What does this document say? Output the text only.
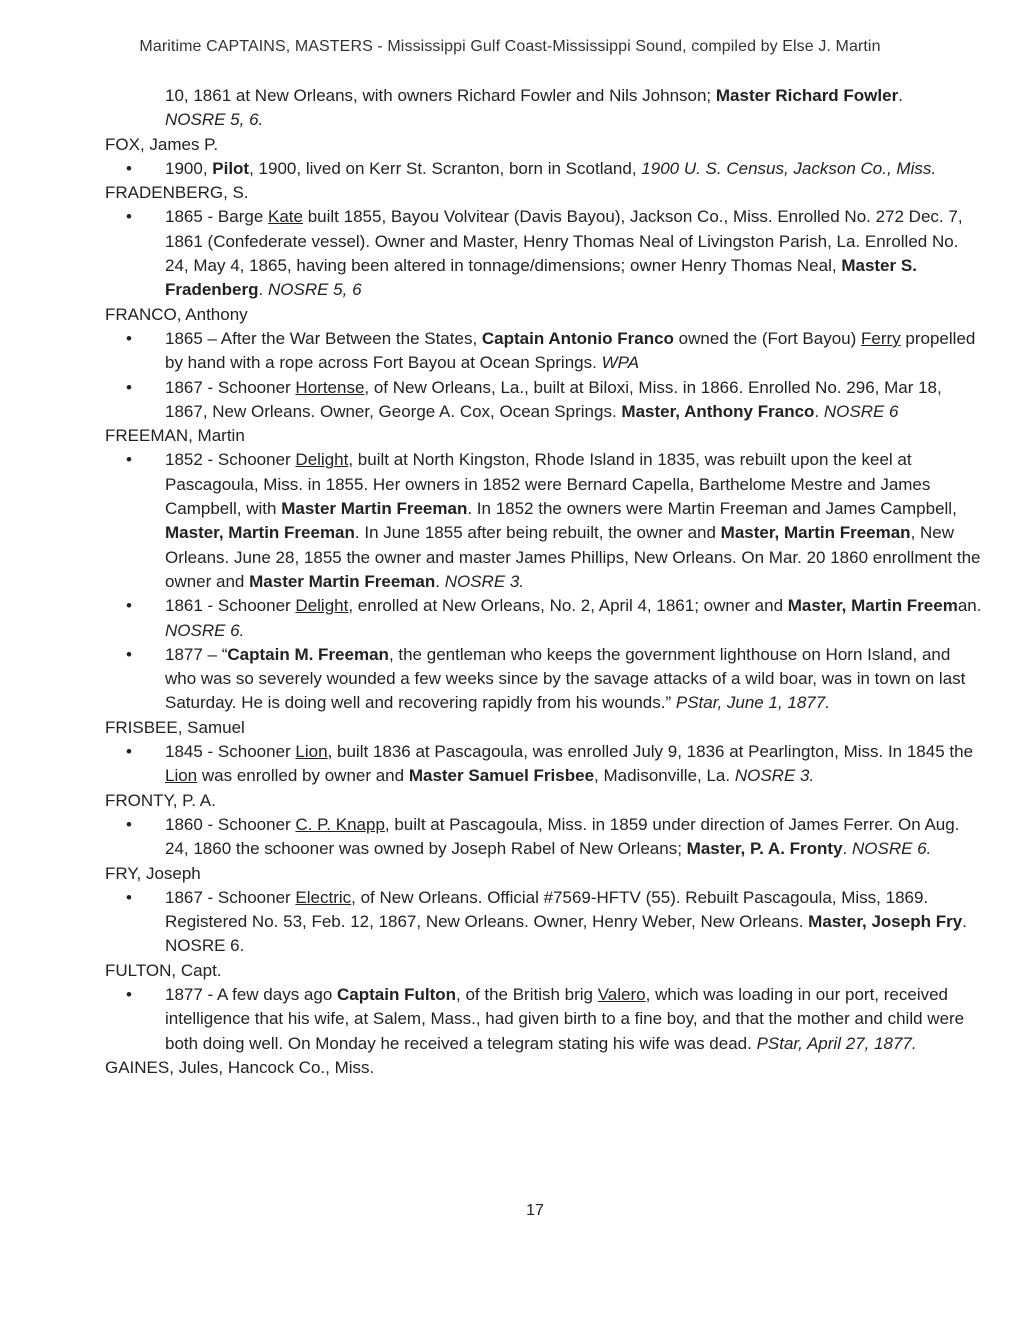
Maritime CAPTAINS, MASTERS - Mississippi Gulf Coast-Mississippi Sound, compiled by Else J. Martin
10, 1861 at New Orleans, with owners Richard Fowler and Nils Johnson; Master Richard Fowler.
NOSRE 5, 6.
FOX, James P.
• 1900, Pilot, 1900, lived on Kerr St. Scranton, born in Scotland, 1900 U. S. Census, Jackson Co., Miss.
FRADENBERG, S.
• 1865 - Barge Kate built 1855, Bayou Volvitear (Davis Bayou), Jackson Co., Miss. Enrolled No. 272 Dec. 7, 1861 (Confederate vessel). Owner and Master, Henry Thomas Neal of Livingston Parish, La. Enrolled No. 24, May 4, 1865, having been altered in tonnage/dimensions; owner Henry Thomas Neal, Master S. Fradenberg. NOSRE 5, 6
FRANCO, Anthony
• 1865 – After the War Between the States, Captain Antonio Franco owned the (Fort Bayou) Ferry propelled by hand with a rope across Fort Bayou at Ocean Springs. WPA
• 1867 - Schooner Hortense, of New Orleans, La., built at Biloxi, Miss. in 1866. Enrolled No. 296, Mar 18, 1867, New Orleans. Owner, George A. Cox, Ocean Springs. Master, Anthony Franco. NOSRE 6
FREEMAN, Martin
• 1852 - Schooner Delight, built at North Kingston, Rhode Island in 1835, was rebuilt upon the keel at Pascagoula, Miss. in 1855. Her owners in 1852 were Bernard Capella, Barthelome Mestre and James Campbell, with Master Martin Freeman. In 1852 the owners were Martin Freeman and James Campbell, Master, Martin Freeman. In June 1855 after being rebuilt, the owner and Master, Martin Freeman, New Orleans. June 28, 1855 the owner and master James Phillips, New Orleans. On Mar. 20 1860 enrollment the owner and Master Martin Freeman. NOSRE 3.
• 1861 - Schooner Delight, enrolled at New Orleans, No. 2, April 4, 1861; owner and Master, Martin Freeman. NOSRE 6.
• 1877 – “Captain M. Freeman, the gentleman who keeps the government lighthouse on Horn Island, and who was so severely wounded a few weeks since by the savage attacks of a wild boar, was in town on last Saturday. He is doing well and recovering rapidly from his wounds.” PStar, June 1, 1877.
FRISBEE, Samuel
• 1845 - Schooner Lion, built 1836 at Pascagoula, was enrolled July 9, 1836 at Pearlington, Miss. In 1845 the Lion was enrolled by owner and Master Samuel Frisbee, Madisonville, La. NOSRE 3.
FRONTY, P. A.
• 1860 - Schooner C. P. Knapp, built at Pascagoula, Miss. in 1859 under direction of James Ferrer. On Aug. 24, 1860 the schooner was owned by Joseph Rabel of New Orleans; Master, P. A. Fronty. NOSRE 6.
FRY, Joseph
• 1867 - Schooner Electric, of New Orleans. Official #7569-HFTV (55). Rebuilt Pascagoula, Miss, 1869. Registered No. 53, Feb. 12, 1867, New Orleans. Owner, Henry Weber, New Orleans. Master, Joseph Fry. NOSRE 6.
FULTON, Capt.
• 1877 - A few days ago Captain Fulton, of the British brig Valero, which was loading in our port, received intelligence that his wife, at Salem, Mass., had given birth to a fine boy, and that the mother and child were both doing well. On Monday he received a telegram stating his wife was dead. PStar, April 27, 1877.
GAINES, Jules, Hancock Co., Miss.
17
